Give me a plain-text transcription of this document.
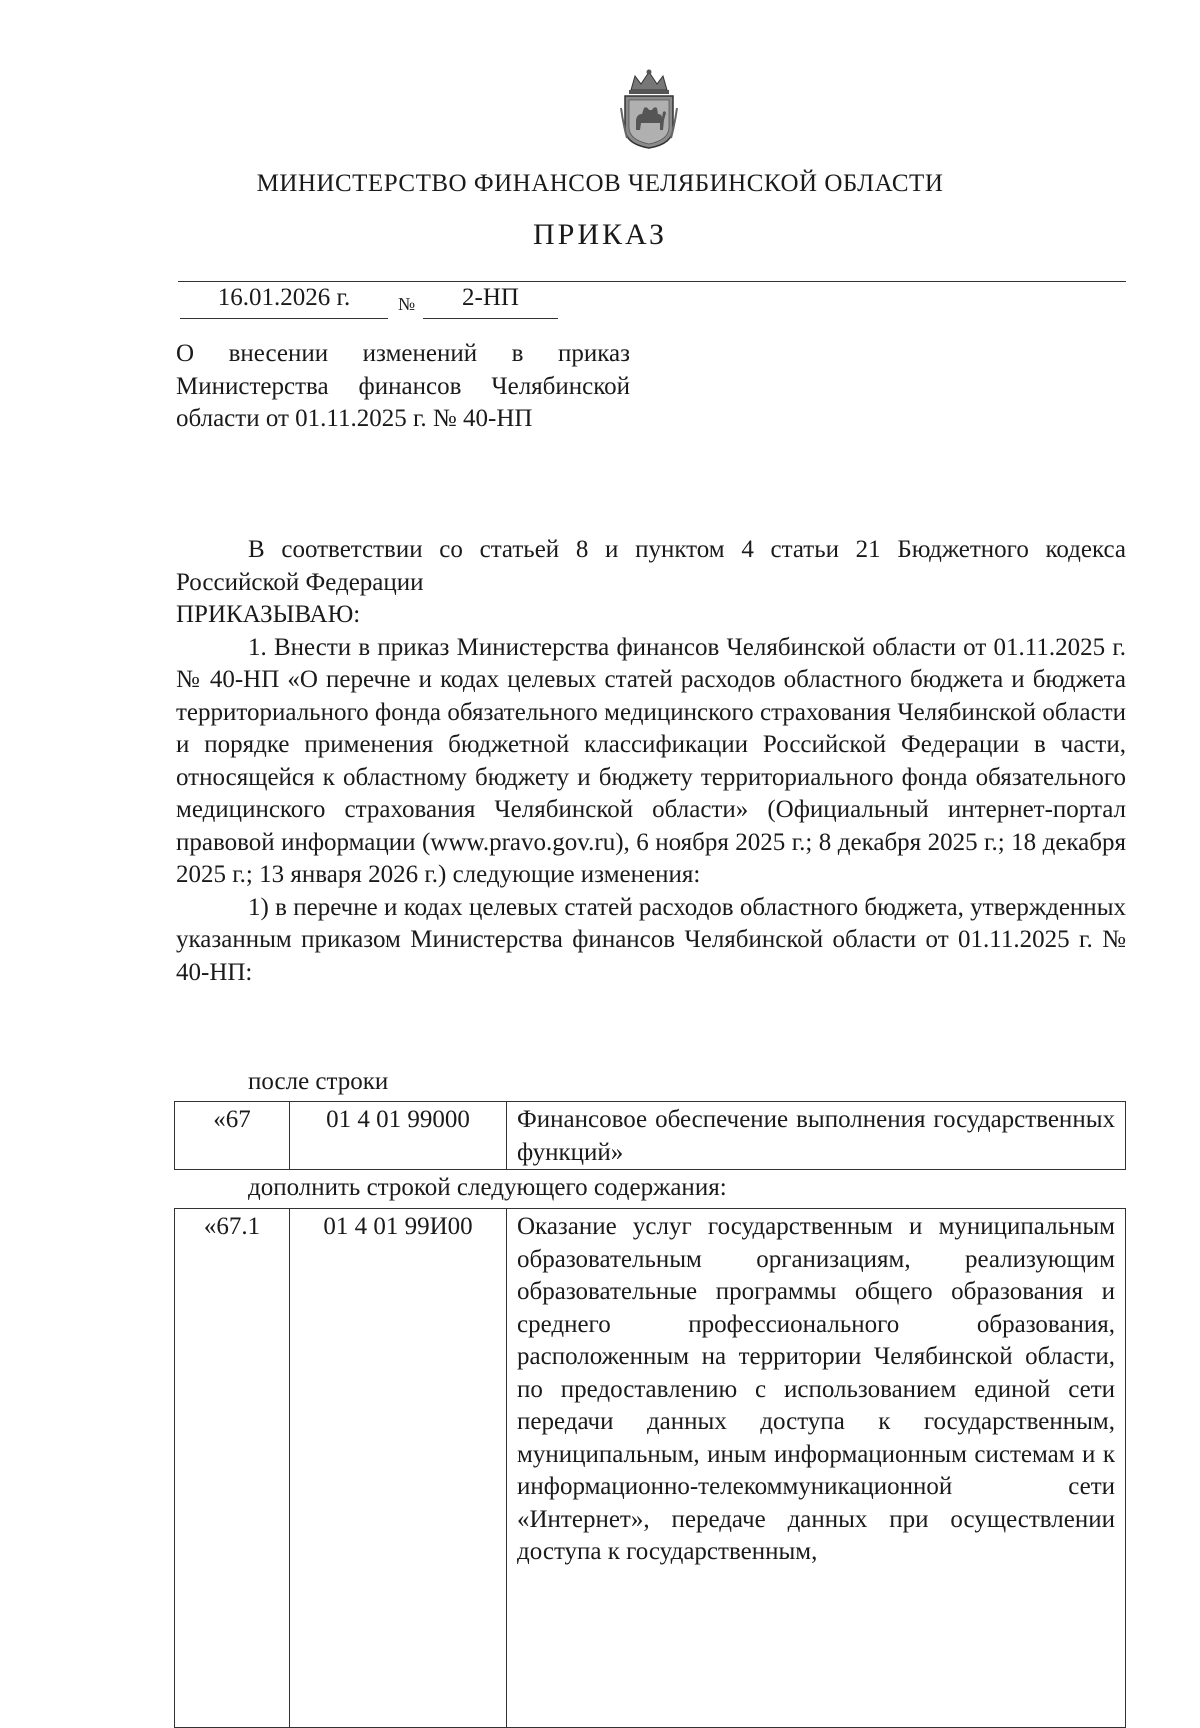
МИНИСТЕРСТВО ФИНАНСОВ ЧЕЛЯБИНСКОЙ ОБЛАСТИ
ПРИКАЗ
16.01.2026 г.	№	2-НП
О внесении изменений в приказ Министерства финансов Челябинской области от 01.11.2025 г. № 40-НП

В соответствии со статьей 8 и пунктом 4 статьи 21 Бюджетного кодекса Российской Федерации

ПРИКАЗЫВАЮ:

1. Внести в приказ Министерства финансов Челябинской области от 01.11.2025 г. № 40-НП «О перечне и кодах целевых статей расходов областного бюджета и бюджета территориального фонда обязательного медицинского страхования Челябинской области и порядке применения бюджетной классификации Российской Федерации в части, относящейся к областному бюджету и бюджету территориального фонда обязательного медицинского страхования Челябинской области» (Официальный интернет-портал правовой информации (www.pravo.gov.ru), 6 ноября 2025 г.; 8 декабря 2025 г.; 18 декабря 2025 г.; 13 января 2026 г.) следующие изменения:

1) в перечне и кодах целевых статей расходов областного бюджета, утвержденных указанным приказом Министерства финансов Челябинской области от 01.11.2025 г. № 40-НП:

после строки
«67	01 4 01 99000	Финансовое обеспечение выполнения государственных функций»
дополнить строкой следующего содержания:
«67.1	01 4 01 99И00	Оказание услуг государственным и муниципальным образовательным организациям, реализующим образовательные программы общего образования и среднего профессионального образования, расположенным на территории Челябинской области, по предоставлению с использованием единой сети передачи данных доступа к государственным, муниципальным, иным информационным системам и к информационно-телекоммуникационной сети «Интернет», передаче данных при осуществлении доступа к государственным,
